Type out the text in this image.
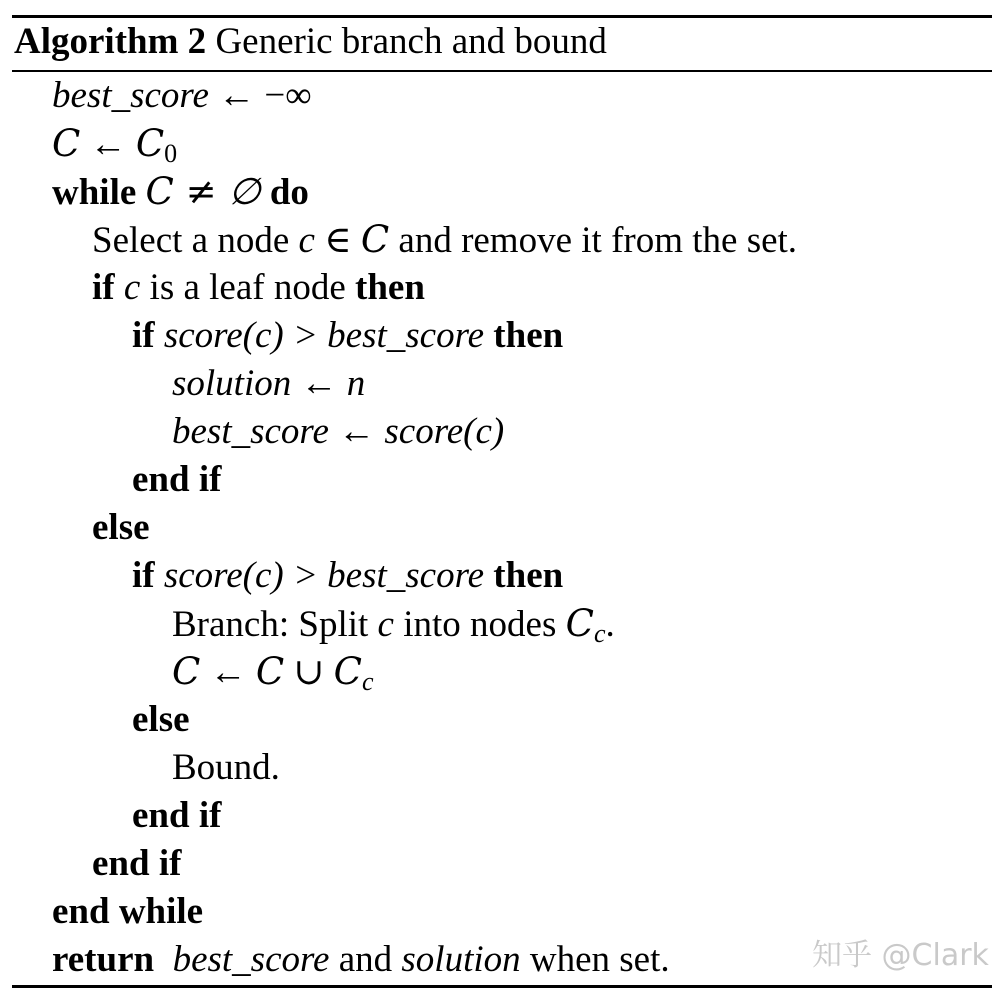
Algorithm 2 Generic branch and bound
best_score ← −∞
C ← $C_0$
while C ≠ ∅ do
Select a node c ∈ C and remove it from the set.
if c is a leaf node then
if score(c) > best_score then
solution ← n
best_score ← score(c)
end if
else
if score(c) > best_score then
Branch: Split c into nodes $C_c$.
C ← C ∪ $C_c$
else
Bound.
end if
end if
end while
return best_score and solution when set.	知乎 @Clark
